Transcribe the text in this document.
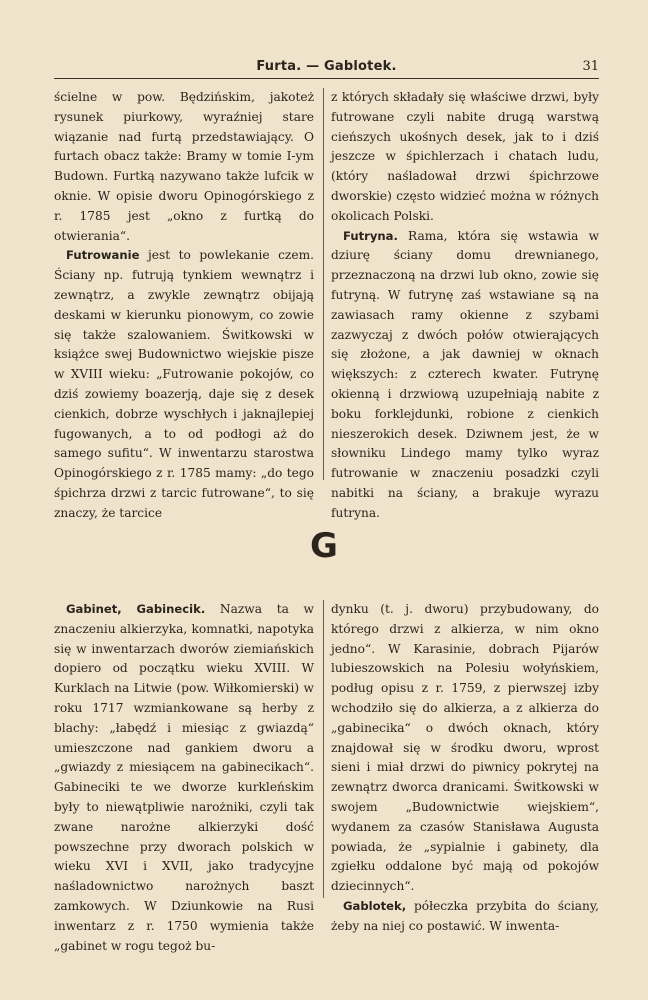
Furta. — Gablotek.	31

ścielne w pow. Będzińskim, jakoteż rysunek piurkowy, wyraźniej stare wiązanie nad furtą przedstawiający. O furtach obacz także: Bramy w tomie I-ym Budown. Furtką nazywano także lufcik w oknie. W opisie dworu Opinogórskiego z r. 1785 jest „okno z furtką do otwierania“.

Futrowanie jest to powlekanie czem. Ściany np. futrują tynkiem wewnątrz i zewnątrz, a zwykle zewnątrz obijają deskami w kierunku pionowym, co zowie się także szalowaniem. Świtkowski w książce swej Budownictwo wiejskie pisze w XVIII wieku: „Futrowanie pokojów, co dziś zowiemy boazerją, daje się z desek cienkich, dobrze wyschłych i jaknajlepiej fugowanych, a to od podłogi aż do samego sufitu“. W inwentarzu starostwa Opinogórskiego z r. 1785 mamy: „do tego śpichrza drzwi z tarcic futrowane“, to się znaczy, że tarcice

z których składały się właściwe drzwi, były futrowane czyli nabite drugą warstwą cieńszych ukośnych desek, jak to i dziś jeszcze w śpichlerzach i chatach ludu, (który naśladował drzwi śpichrzowe dworskie) często widzieć można w różnych okolicach Polski.

Futryna. Rama, która się wstawia w dziurę ściany domu drewnianego, przeznaczoną na drzwi lub okno, zowie się futryną. W futrynę zaś wstawiane są na zawiasach ramy okienne z szybami zazwyczaj z dwóch połów otwierających się złożone, a jak dawniej w oknach większych: z czterech kwater. Futrynę okienną i drzwiową uzupełniają nabite z boku forklejdunki, robione z cienkich nieszerokich desek. Dziwnem jest, że w słowniku Lindego mamy tylko wyraz futrowanie w znaczeniu posadzki czyli nabitki na ściany, a brakuje wyrazu futryna.

G

Gabinet, Gabinecik. Nazwa ta w znaczeniu alkierzyka, komnatki, napotyka się w inwentarzach dworów ziemiańskich dopiero od początku wieku XVIII. W Kurklach na Litwie (pow. Wiłkomierski) w roku 1717 wzmiankowane są herby z blachy: „łabędź i miesiąc z gwiazdą“ umieszczone nad gankiem dworu a „gwiazdy z miesiącem na gabinecikach“. Gabineciki te we dworze kurkleńskim były to niewątpliwie narożniki, czyli tak zwane narożne alkierzyki dość powszechne przy dworach polskich w wieku XVI i XVII, jako tradycyjne naśladownictwo narożnych baszt zamkowych. W Dziunkowie na Rusi inwentarz z r. 1750 wymienia także „gabinet w rogu tegoż bu-

dynku (t. j. dworu) przybudowany, do którego drzwi z alkierza, w nim okno jedno“. W Karasinie, dobrach Pijarów lubieszowskich na Polesiu wołyńskiem, podług opisu z r. 1759, z pierwszej izby wchodziło się do alkierza, a z alkierza do „gabinecika“ o dwóch oknach, który znajdował się w środku dworu, wprost sieni i miał drzwi do piwnicy pokrytej na zewnątrz dworca dranicami. Świtkowski w swojem „Budownictwie wiejskiem“, wydanem za czasów Stanisława Augusta powiada, że „sypialnie i gabinety, dla zgiełku oddalone być mają od pokojów dziecinnych“.

Gablotek, półeczka przybita do ściany, żeby na niej co postawić. W inwenta-
